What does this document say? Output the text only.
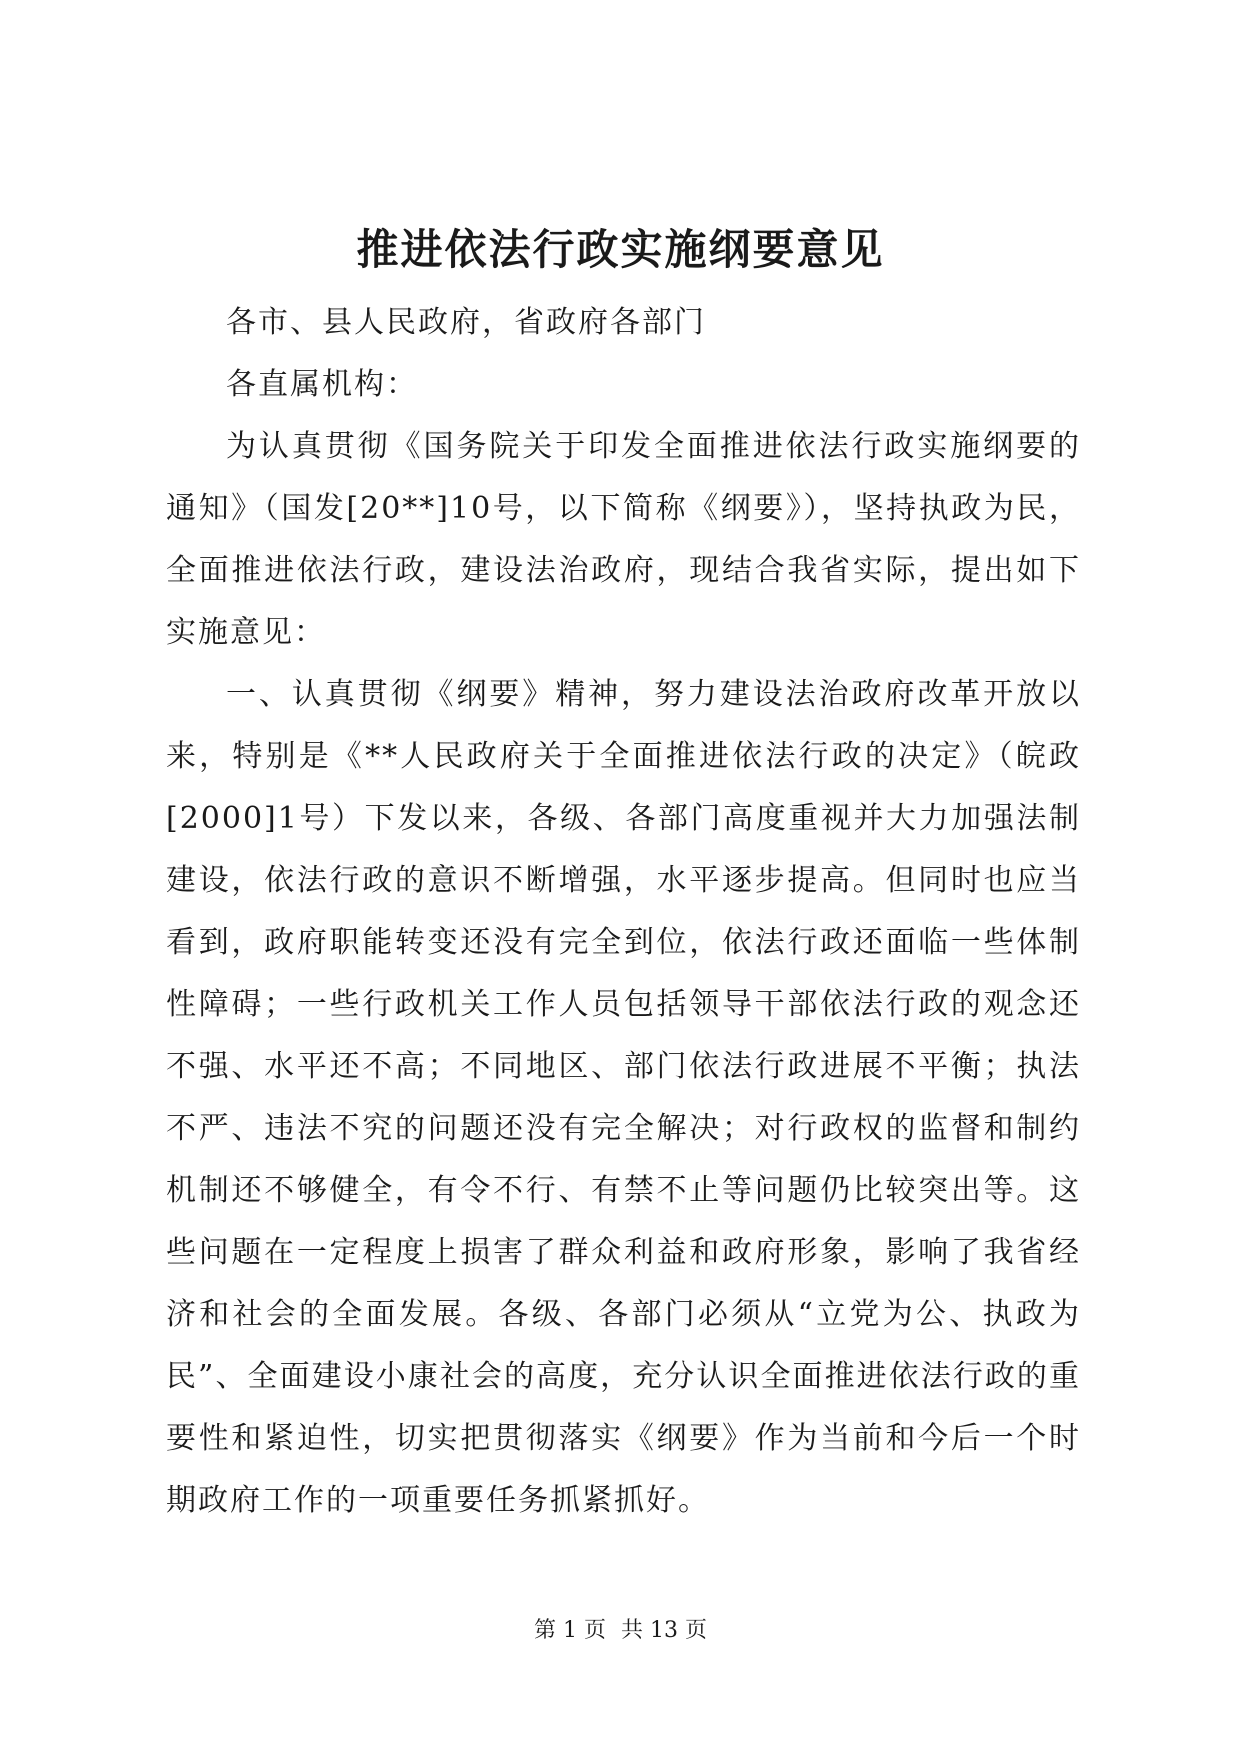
推进依法行政实施纲要意见

各市、县人民政府，省政府各部门

各直属机构：

为认真贯彻《国务院关于印发全面推进依法行政实施纲要的通知》（国发[20**]10号，以下简称《纲要》），坚持执政为民，全面推进依法行政，建设法治政府，现结合我省实际，提出如下实施意见：

一、认真贯彻《纲要》精神，努力建设法治政府改革开放以来，特别是《**人民政府关于全面推进依法行政的决定》（皖政[2000]1号）下发以来，各级、各部门高度重视并大力加强法制建设，依法行政的意识不断增强，水平逐步提高。但同时也应当看到，政府职能转变还没有完全到位，依法行政还面临一些体制性障碍；一些行政机关工作人员包括领导干部依法行政的观念还不强、水平还不高；不同地区、部门依法行政进展不平衡；执法不严、违法不究的问题还没有完全解决；对行政权的监督和制约机制还不够健全，有令不行、有禁不止等问题仍比较突出等。这些问题在一定程度上损害了群众利益和政府形象，影响了我省经济和社会的全面发展。各级、各部门必须从“立党为公、执政为民”、全面建设小康社会的高度，充分认识全面推进依法行政的重要性和紧迫性，切实把贯彻落实《纲要》作为当前和今后一个时期政府工作的一项重要任务抓紧抓好。

第 1 页 共 13 页
